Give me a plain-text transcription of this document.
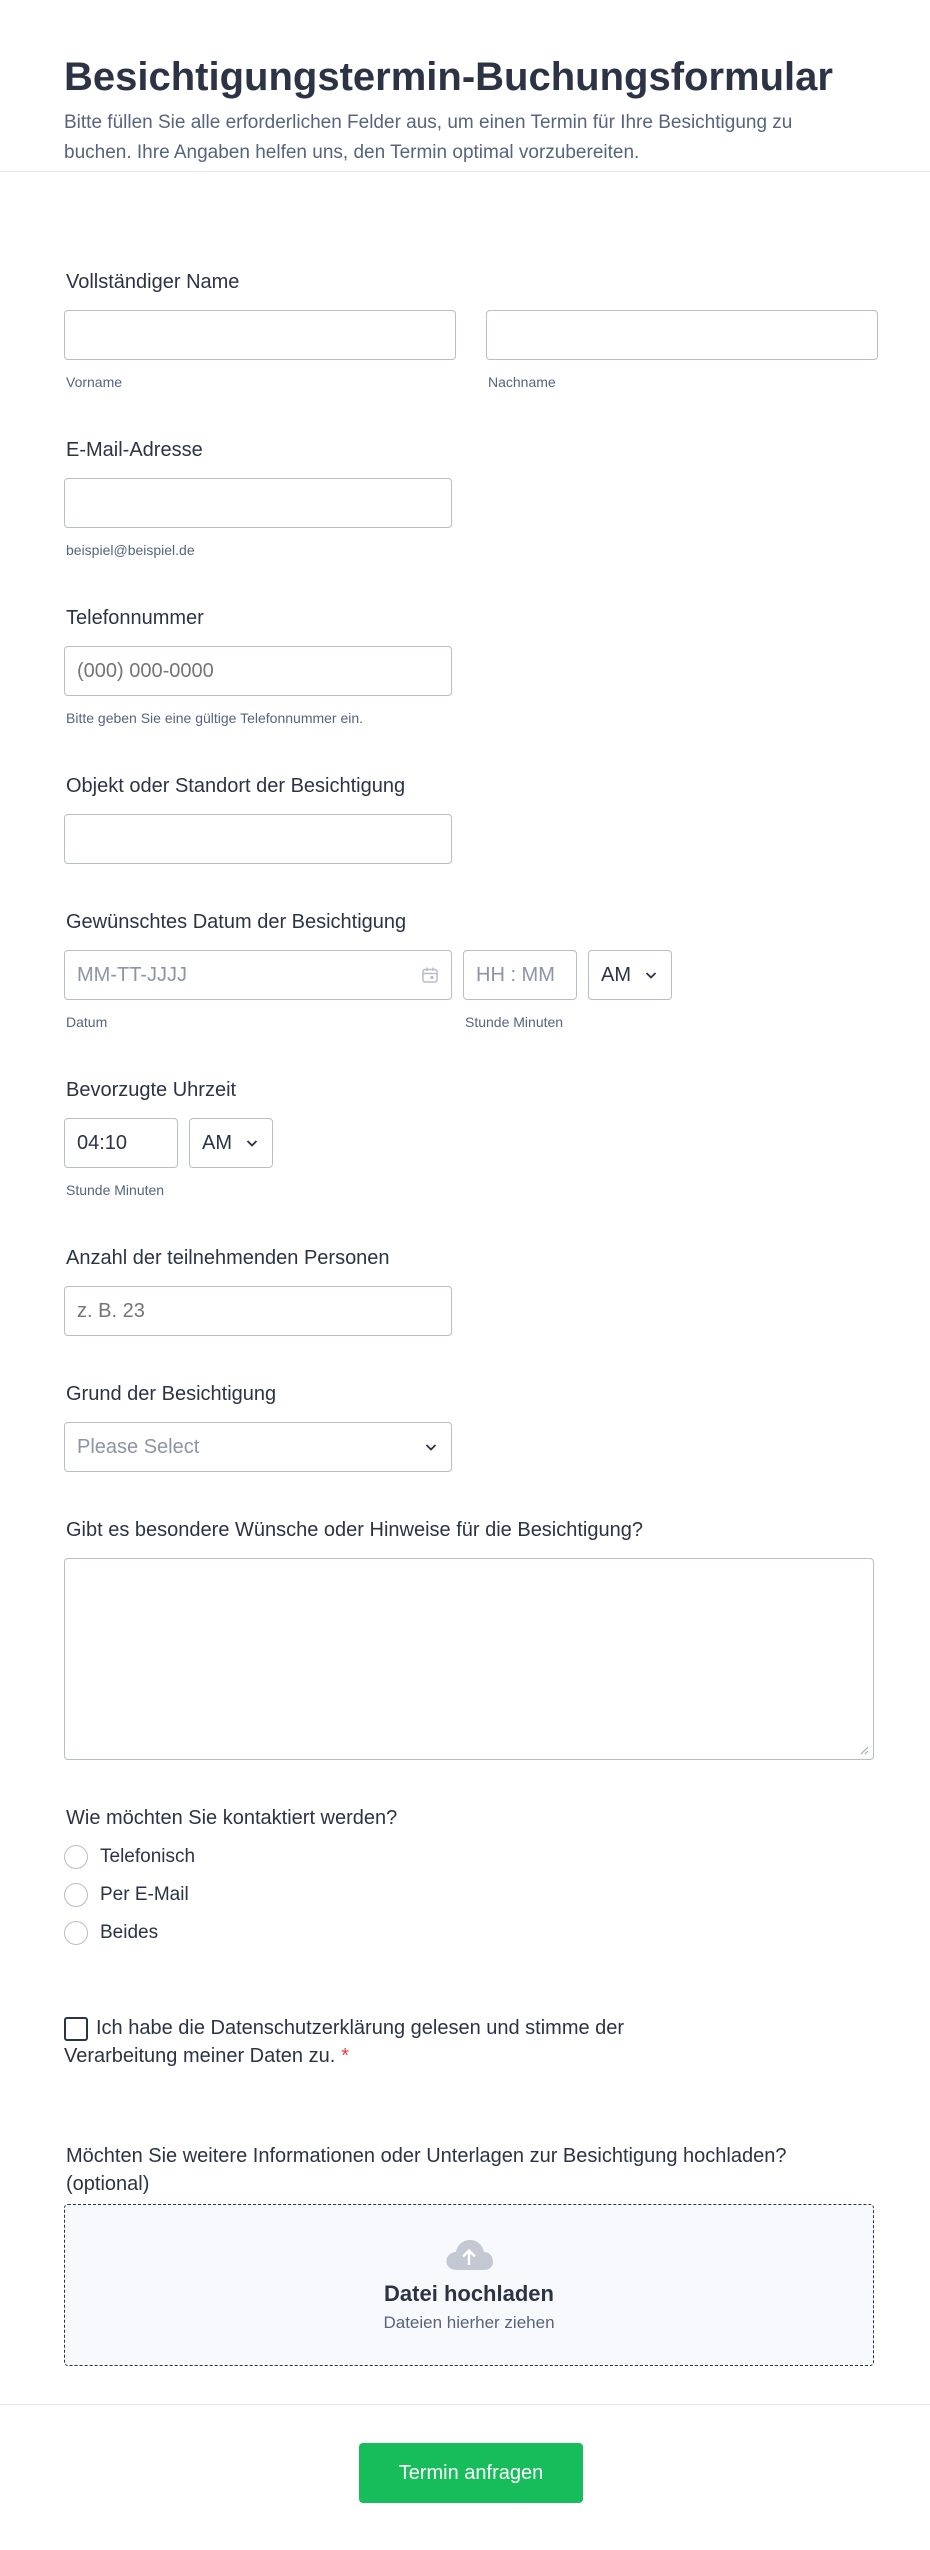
Besichtigungstermin-Buchungsformular

Bitte füllen Sie alle erforderlichen Felder aus, um einen Termin für Ihre Besichtigung zu buchen. Ihre Angaben helfen uns, den Termin optimal vorzubereiten.

Vollständiger Name
Vorname	Nachname
E-Mail-Adresse
beispiel@beispiel.de
Telefonnummer
(000) 000-0000
Bitte geben Sie eine gültige Telefonnummer ein.
Objekt oder Standort der Besichtigung
Gewünschtes Datum der Besichtigung
MM-TT-JJJJ
Datum
HH : MM
Stunde Minuten
AM
Bevorzugte Uhrzeit
04:10
Stunde Minuten
AM
Anzahl der teilnehmenden Personen
z. B. 23
Grund der Besichtigung
Please Select
Gibt es besondere Wünsche oder Hinweise für die Besichtigung?
Wie möchten Sie kontaktiert werden?
Telefonisch
Per E-Mail
Beides
Ich habe die Datenschutzerklärung gelesen und stimme der Verarbeitung meiner Daten zu. *
Möchten Sie weitere Informationen oder Unterlagen zur Besichtigung hochladen? (optional)
Datei hochladen
Dateien hierher ziehen
Termin anfragen
